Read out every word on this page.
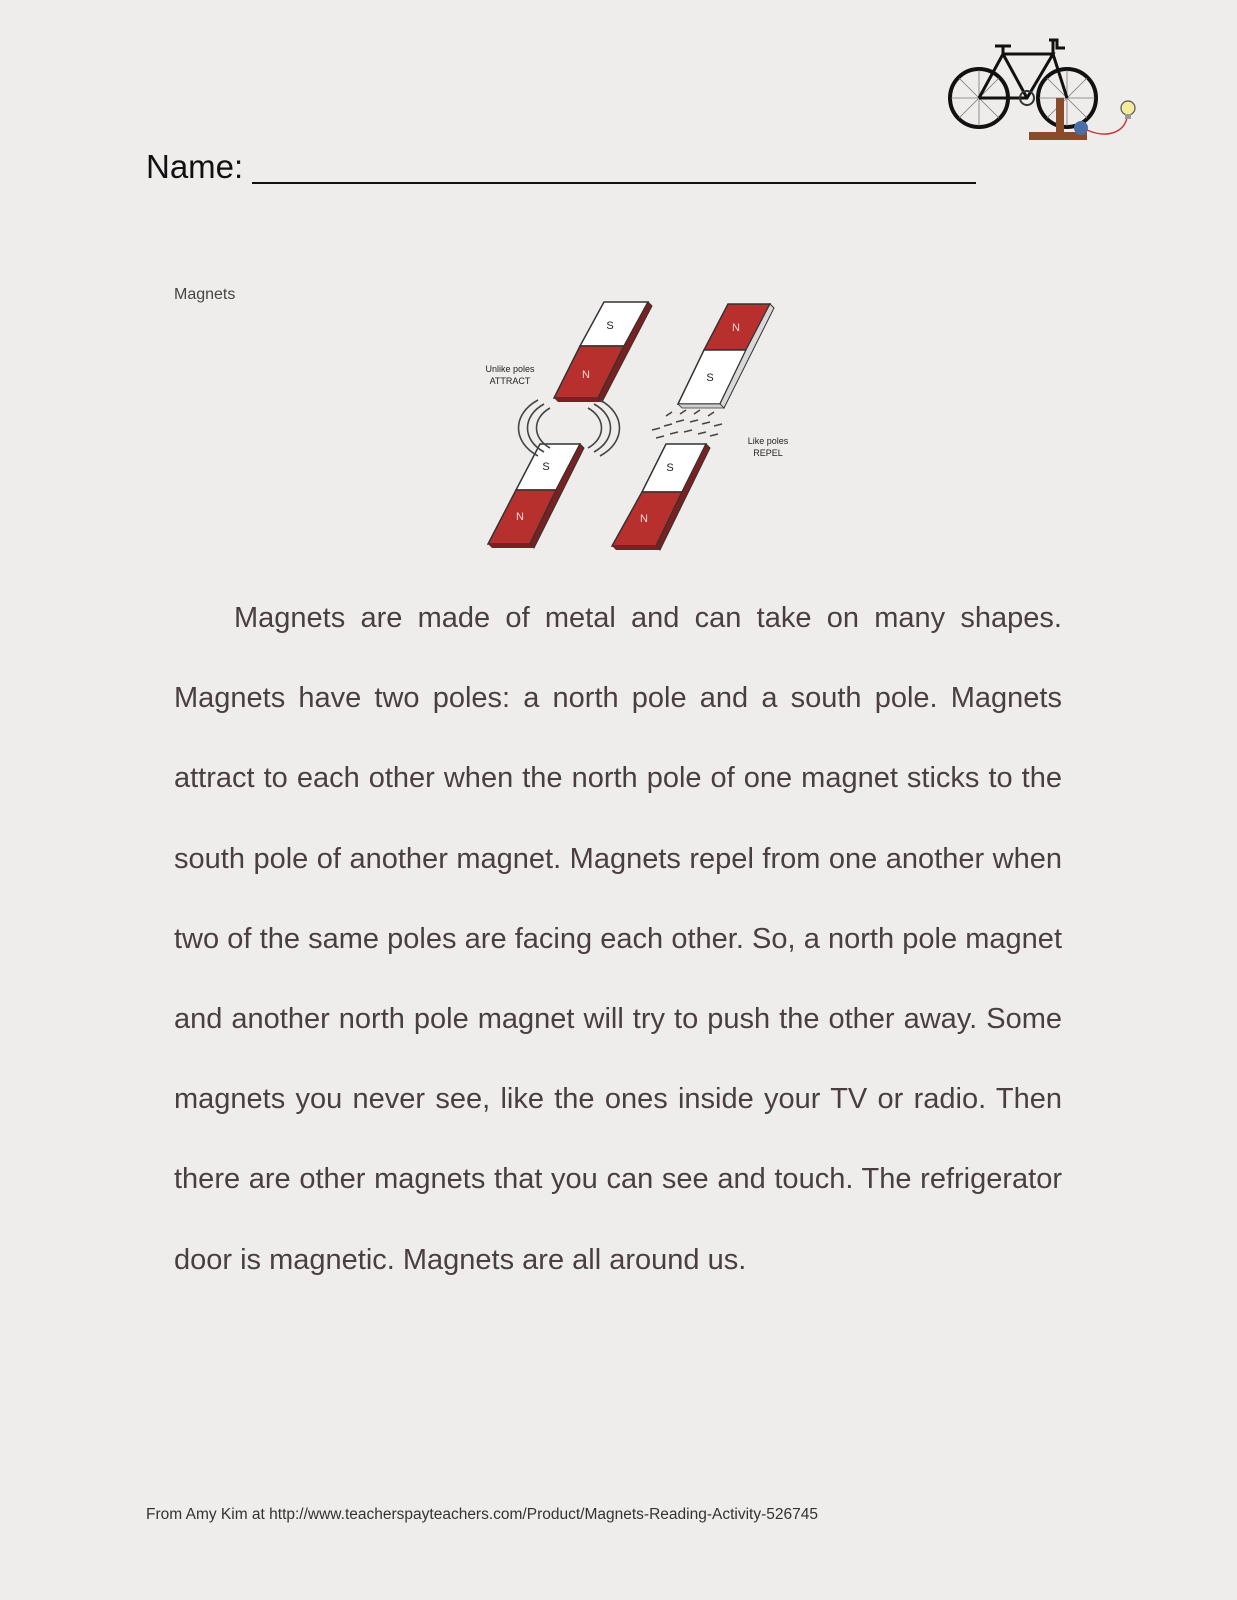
Name:
Magnets
S
N
S
N
N
S
S
N
Unlike poles
ATTRACT
Like poles
REPEL

Magnets are made of metal and can take on many shapes. Magnets have two poles: a north pole and a south pole. Magnets attract to each other when the north pole of one magnet sticks to the south pole of another magnet. Magnets repel from one another when two of the same poles are facing each other. So, a north pole magnet and another north pole magnet will try to push the other away. Some magnets you never see, like the ones inside your TV or radio. Then there are other magnets that you can see and touch. The refrigerator door is magnetic. Magnets are all around us.

From Amy Kim at http://www.teacherspayteachers.com/Product/Magnets-Reading-Activity-526745
